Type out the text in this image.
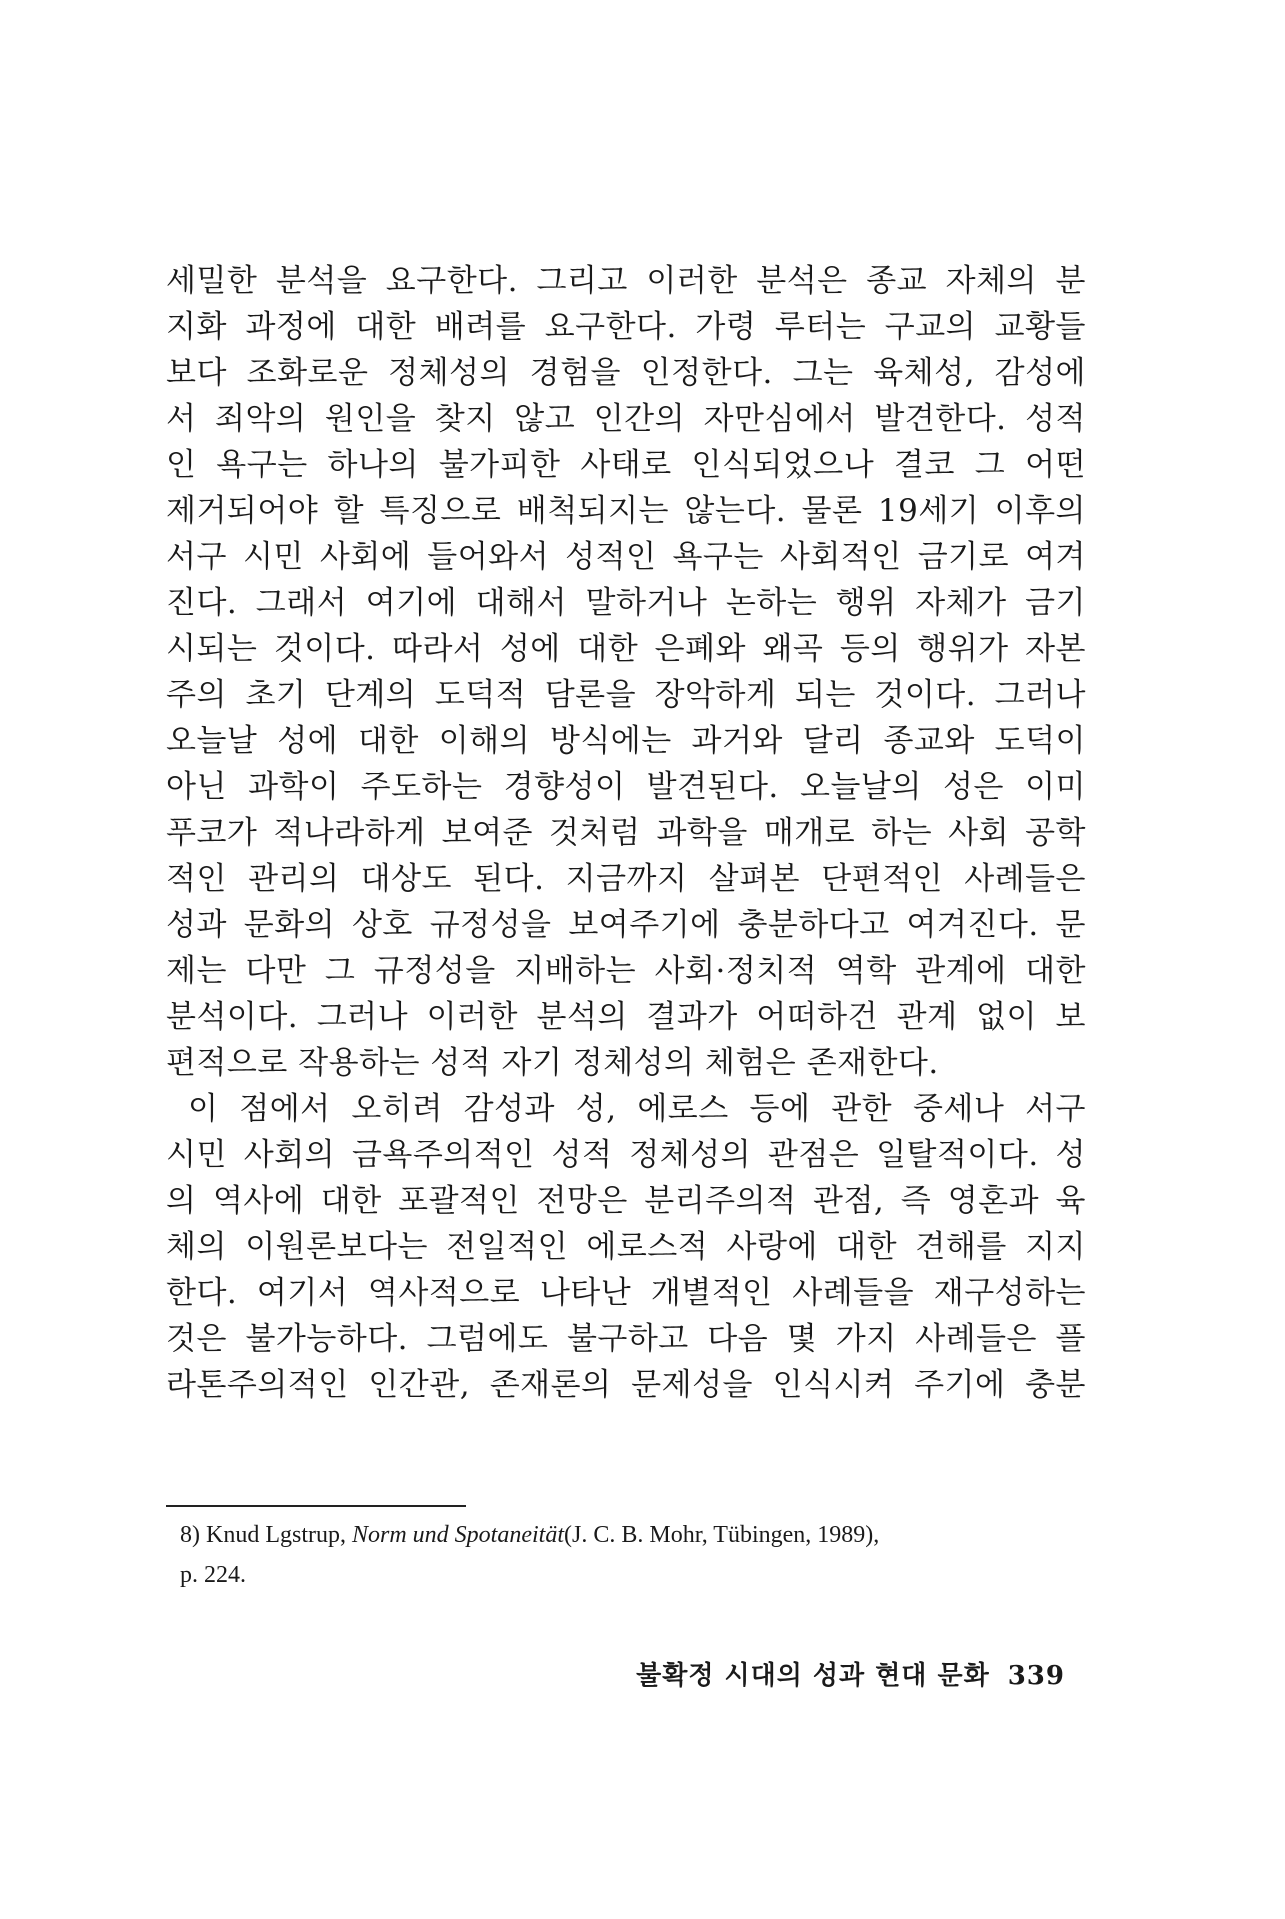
세밀한 분석을 요구한다. 그리고 이러한 분석은 종교 자체의 분
지화 과정에 대한 배려를 요구한다. 가령 루터는 구교의 교황들
보다 조화로운 정체성의 경험을 인정한다. 그는 육체성, 감성에
서 죄악의 원인을 찾지 않고 인간의 자만심에서 발견한다. 성적
인 욕구는 하나의 불가피한 사태로 인식되었으나 결코 그 어떤
제거되어야 할 특징으로 배척되지는 않는다. 물론 19세기 이후의
서구 시민 사회에 들어와서 성적인 욕구는 사회적인 금기로 여겨
진다. 그래서 여기에 대해서 말하거나 논하는 행위 자체가 금기
시되는 것이다. 따라서 성에 대한 은폐와 왜곡 등의 행위가 자본
주의 초기 단계의 도덕적 담론을 장악하게 되는 것이다. 그러나
오늘날 성에 대한 이해의 방식에는 과거와 달리 종교와 도덕이
아닌 과학이 주도하는 경향성이 발견된다. 오늘날의 성은 이미
푸코가 적나라하게 보여준 것처럼 과학을 매개로 하는 사회 공학
적인 관리의 대상도 된다. 지금까지 살펴본 단편적인 사례들은
성과 문화의 상호 규정성을 보여주기에 충분하다고 여겨진다. 문
제는 다만 그 규정성을 지배하는 사회·정치적 역학 관계에 대한
분석이다. 그러나 이러한 분석의 결과가 어떠하건 관계 없이 보
편적으로 작용하는 성적 자기 정체성의 체험은 존재한다.
이 점에서 오히려 감성과 성, 에로스 등에 관한 중세나 서구
시민 사회의 금욕주의적인 성적 정체성의 관점은 일탈적이다. 성
의 역사에 대한 포괄적인 전망은 분리주의적 관점, 즉 영혼과 육
체의 이원론보다는 전일적인 에로스적 사랑에 대한 견해를 지지
한다. 여기서 역사적으로 나타난 개별적인 사례들을 재구성하는
것은 불가능하다. 그럼에도 불구하고 다음 몇 가지 사례들은 플
라톤주의적인 인간관, 존재론의 문제성을 인식시켜 주기에 충분
8) Knud Lgstrup, Norm und Spotaneität(J. C. B. Mohr, Tübingen, 1989),
p. 224.
불확정 시대의 성과 현대 문화 339
